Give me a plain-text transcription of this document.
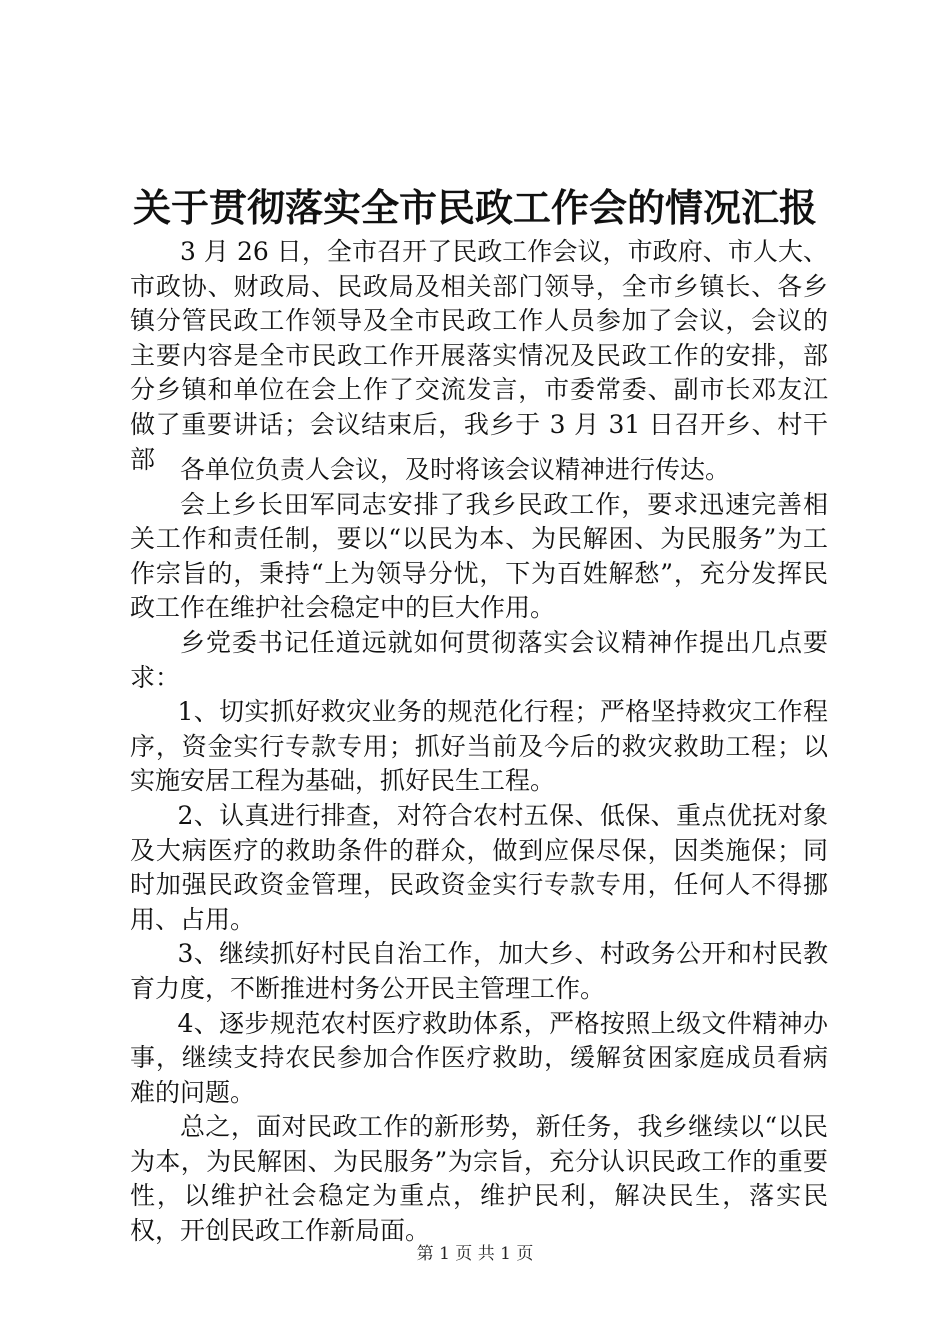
关于贯彻落实全市民政工作会的情况汇报

3 月 26 日，全市召开了民政工作会议，市政府、市人大、市政协、财政局、民政局及相关部门领导，全市乡镇长、各乡镇分管民政工作领导及全市民政工作人员参加了会议，会议的主要内容是全市民政工作开展落实情况及民政工作的安排，部分乡镇和单位在会上作了交流发言，市委常委、副市长邓友江做了重要讲话；会议结束后，我乡于 3 月 31 日召开乡、村干部 各单位负责人会议，及时将该会议精神进行传达。

会上乡长田军同志安排了我乡民政工作，要求迅速完善相关工作和责任制，要以“以民为本、为民解困、为民服务”为工作宗旨的，秉持“上为领导分忧，下为百姓解愁”，充分发挥民政工作在维护社会稳定中的巨大作用。

乡党委书记任道远就如何贯彻落实会议精神作提出几点要求：

1、切实抓好救灾业务的规范化行程；严格坚持救灾工作程序，资金实行专款专用；抓好当前及今后的救灾救助工程；以实施安居工程为基础，抓好民生工程。

2、认真进行排查，对符合农村五保、低保、重点优抚对象及大病医疗的救助条件的群众，做到应保尽保，因类施保；同时加强民政资金管理，民政资金实行专款专用，任何人不得挪用、占用。

3、继续抓好村民自治工作，加大乡、村政务公开和村民教育力度，不断推进村务公开民主管理工作。

4、逐步规范农村医疗救助体系，严格按照上级文件精神办事，继续支持农民参加合作医疗救助，缓解贫困家庭成员看病难的问题。

总之，面对民政工作的新形势，新任务，我乡继续以“以民为本，为民解困、为民服务”为宗旨，充分认识民政工作的重要性，以维护社会稳定为重点，维护民利，解决民生，落实民权，开创民政工作新局面。

第 1 页 共 1 页
